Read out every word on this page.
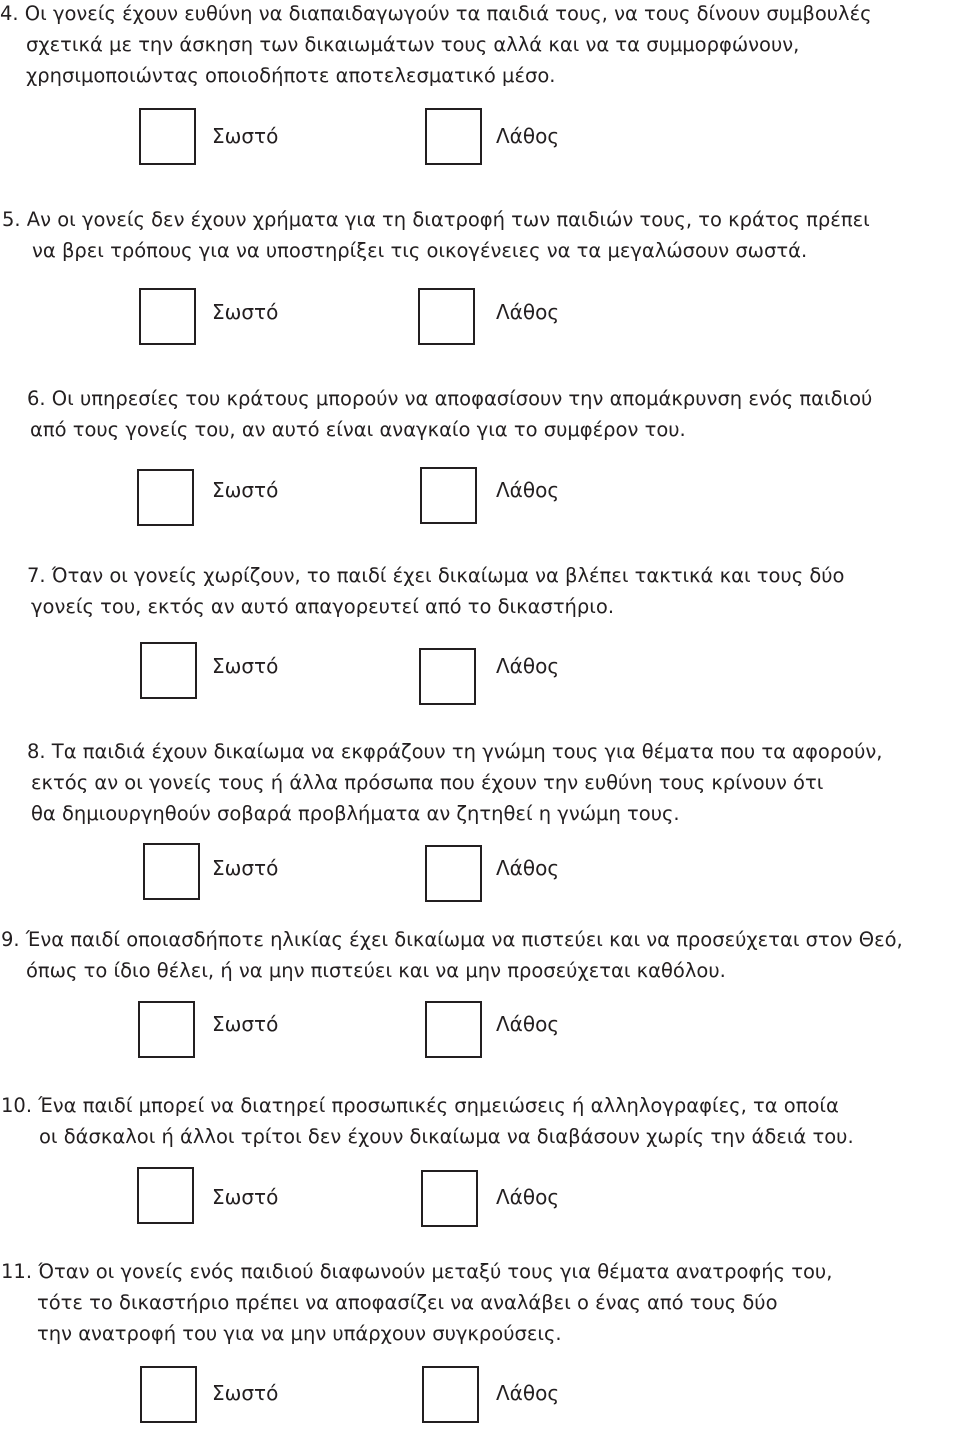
4. Οι γονείς έχουν ευθύνη να διαπαιδαγωγούν τα παιδιά τους, να τους δίνουν συμβουλές
σχετικά με την άσκηση των δικαιωμάτων τους αλλά και να τα συμμορφώνουν,
χρησιμοποιώντας οποιοδήποτε αποτελεσματικό μέσο.
Σωστό	Λάθος
5. Αν οι γονείς δεν έχουν χρήματα για τη διατροφή των παιδιών τους, το κράτος πρέπει
να βρει τρόπους για να υποστηρίξει τις οικογένειες να τα μεγαλώσουν σωστά.
Σωστό	Λάθος
6. Οι υπηρεσίες του κράτους μπορούν να αποφασίσουν την απομάκρυνση ενός παιδιού
από τους γονείς του, αν αυτό είναι αναγκαίο για το συμφέρον του.
Σωστό	Λάθος
7. Όταν οι γονείς χωρίζουν, το παιδί έχει δικαίωμα να βλέπει τακτικά και τους δύο
γονείς του, εκτός αν αυτό απαγορευτεί από το δικαστήριο.
Σωστό	Λάθος
8. Τα παιδιά έχουν δικαίωμα να εκφράζουν τη γνώμη τους για θέματα που τα αφορούν,
εκτός αν οι γονείς τους ή άλλα πρόσωπα που έχουν την ευθύνη τους κρίνουν ότι
θα δημιουργηθούν σοβαρά προβλήματα αν ζητηθεί η γνώμη τους.
Σωστό	Λάθος
9. Ένα παιδί οποιασδήποτε ηλικίας έχει δικαίωμα να πιστεύει και να προσεύχεται στον Θεό,
όπως το ίδιο θέλει, ή να μην πιστεύει και να μην προσεύχεται καθόλου.
Σωστό	Λάθος
10. Ένα παιδί μπορεί να διατηρεί προσωπικές σημειώσεις ή αλληλογραφίες, τα οποία
οι δάσκαλοι ή άλλοι τρίτοι δεν έχουν δικαίωμα να διαβάσουν χωρίς την άδειά του.
Σωστό	Λάθος
11. Όταν οι γονείς ενός παιδιού διαφωνούν μεταξύ τους για θέματα ανατροφής του,
τότε το δικαστήριο πρέπει να αποφασίζει να αναλάβει ο ένας από τους δύο
την ανατροφή του για να μην υπάρχουν συγκρούσεις.
Σωστό	Λάθος
